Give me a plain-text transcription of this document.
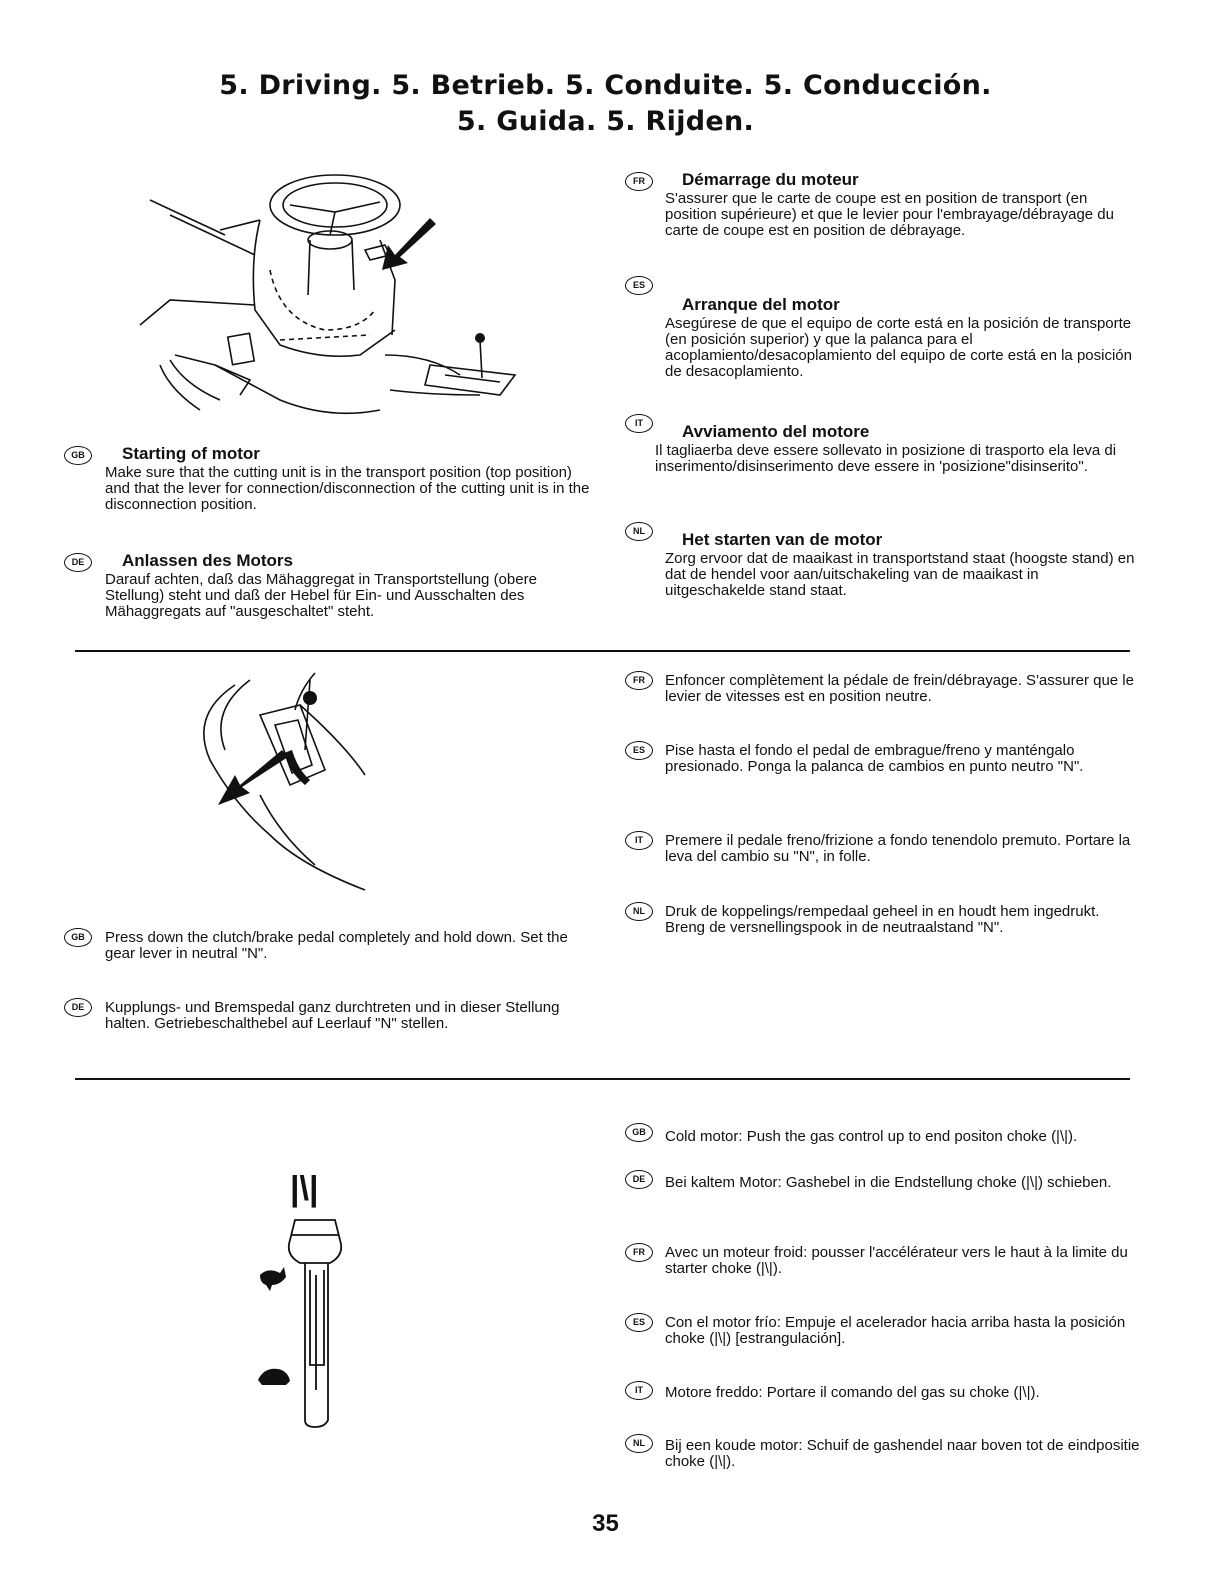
5. Driving. 5. Betrieb. 5. Conduite. 5. Conducción.
5. Guida. 5. Rijden.
GB	Starting of motor

Make sure that the cutting unit is in the transport position (top position) and that the lever for connection/disconnection of the cutting unit is in the disconnection position.

DE	Anlassen des Motors

Darauf achten, daß das Mähaggregat in Transportstellung (obere Stellung) steht und daß der Hebel für Ein- und Ausschalten des Mähaggregats auf "ausgeschaltet" steht.

FR	Démarrage du moteur

S'assurer que le carte de coupe est en position de transport (en position supérieure) et que le levier pour l'embrayage/débrayage du carte de coupe est en position de débrayage.

ES
Arranque del motor

Asegúrese de que el equipo de corte está en la posición de transporte (en posición superior) y que la palanca para el acoplamiento/desacoplamiento del equipo de corte está en la posición de desacoplamiento.

IT	Avviamento del motore

Il tagliaerba deve essere sollevato in posizione di trasporto ela leva di inserimento/disinserimento deve essere in 'posizione"disinserito".

NL	Het starten van de motor

Zorg ervoor dat de maaikast in transportstand staat (hoogste stand) en dat de hendel voor aan/uitschakeling van de maaikast in uitgeschakelde stand staat.

GB	Press down the clutch/brake pedal completely and hold down. Set the gear lever in neutral "N".

DE	Kupplungs- und Bremspedal ganz durchtreten und in dieser Stellung halten. Getriebeschalthebel auf Leerlauf "N" stellen.

FR	Enfoncer complètement la pédale de frein/débrayage. S'assurer que le levier de vitesses est en position neutre.

ES	Pise hasta el fondo el pedal de embrague/freno y manténgalo presionado. Ponga la palanca de cambios en punto neutro "N".

IT	Premere il pedale freno/frizione a fondo tenendolo premuto. Portare la leva del cambio su "N", in folle.

NL	Druk de koppelings/rempedaal geheel in en houdt hem ingedrukt. Breng de versnellingspook in de neutraalstand "N".

|\|
GB	Cold motor: Push the gas control up to end positon choke (|\|).

DE	Bei kaltem Motor: Gashebel in die Endstellung choke (|\|) schieben.

FR	Avec un moteur froid: pousser l'accélérateur vers le haut à la limite du starter choke (|\|).

ES	Con el motor frío: Empuje el acelerador hacia arriba hasta la posición choke (|\|) [estrangulación].

IT	Motore freddo: Portare il comando del gas su choke (|\|).

NL	Bij een koude motor: Schuif de gashendel naar boven tot de eindpositie choke (|\|).

35
